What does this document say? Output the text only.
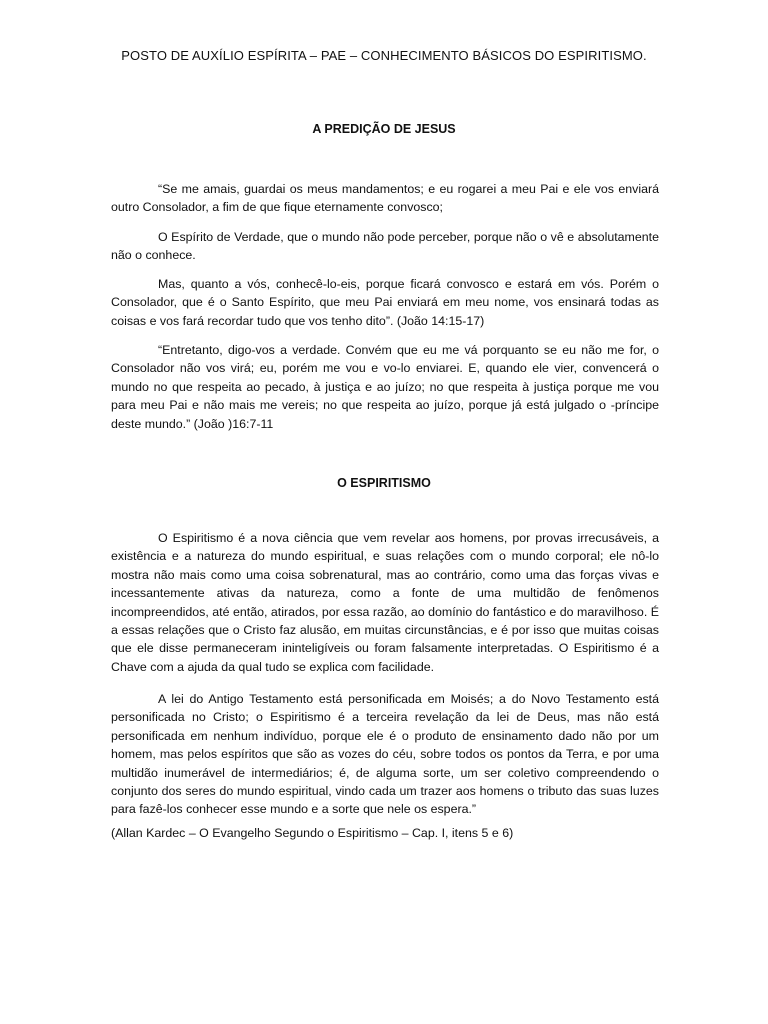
POSTO DE AUXÍLIO ESPÍRITA – PAE – CONHECIMENTO BÁSICOS DO ESPIRITISMO.
A PREDIÇÃO DE JESUS

“Se me amais, guardai os meus mandamentos; e eu rogarei a meu Pai e ele vos enviará outro Consolador, a fim de que fique eternamente convosco;

O Espírito de Verdade, que o mundo não pode perceber, porque não o vê e absolutamente não o conhece.

Mas, quanto a vós, conhecê-lo-eis, porque ficará convosco e estará em vós. Porém o Consolador, que é o Santo Espírito, que meu Pai enviará em meu nome, vos ensinará todas as coisas e vos fará recordar tudo que vos tenho dito”. (João 14:15-17)

“Entretanto, digo-vos a verdade. Convém que eu me vá porquanto se eu não me for, o Consolador não vos virá; eu, porém me vou e vo-lo enviarei. E, quando ele vier, convencerá o mundo no que respeita ao pecado, à justiça e ao juízo; no que respeita à justiça porque me vou para meu Pai e não mais me vereis; no que respeita ao juízo, porque já está julgado o -príncipe deste mundo.” (João )16:7-11

O ESPIRITISMO

O Espiritismo é a nova ciência que vem revelar aos homens, por provas irrecusáveis, a existência e a natureza do mundo espiritual, e suas relações com o mundo corporal; ele nô-lo mostra não mais como uma coisa sobrenatural, mas ao contrário, como uma das forças vivas e incessantemente ativas da natureza, como a fonte de uma multidão de fenômenos incompreendidos, até então, atirados, por essa razão, ao domínio do fantástico e do maravilhoso. É a essas relações que o Cristo faz alusão, em muitas circunstâncias, e é por isso que muitas coisas que ele disse permaneceram ininteligíveis ou foram falsamente interpretadas. O Espiritismo é a Chave com a ajuda da qual tudo se explica com facilidade.

A lei do Antigo Testamento está personificada em Moisés; a do Novo Testamento está personificada no Cristo; o Espiritismo é a terceira revelação da lei de Deus, mas não está personificada em nenhum indivíduo, porque ele é o produto de ensinamento dado não por um homem, mas pelos espíritos que são as vozes do céu, sobre todos os pontos da Terra, e por uma multidão inumerável de intermediários; é, de alguma sorte, um ser coletivo compreendendo o conjunto dos seres do mundo espiritual, vindo cada um trazer aos homens o tributo das suas luzes para fazê-los conhecer esse mundo e a sorte que nele os espera.”

(Allan Kardec – O Evangelho Segundo o Espiritismo – Cap. I, itens 5 e 6)
